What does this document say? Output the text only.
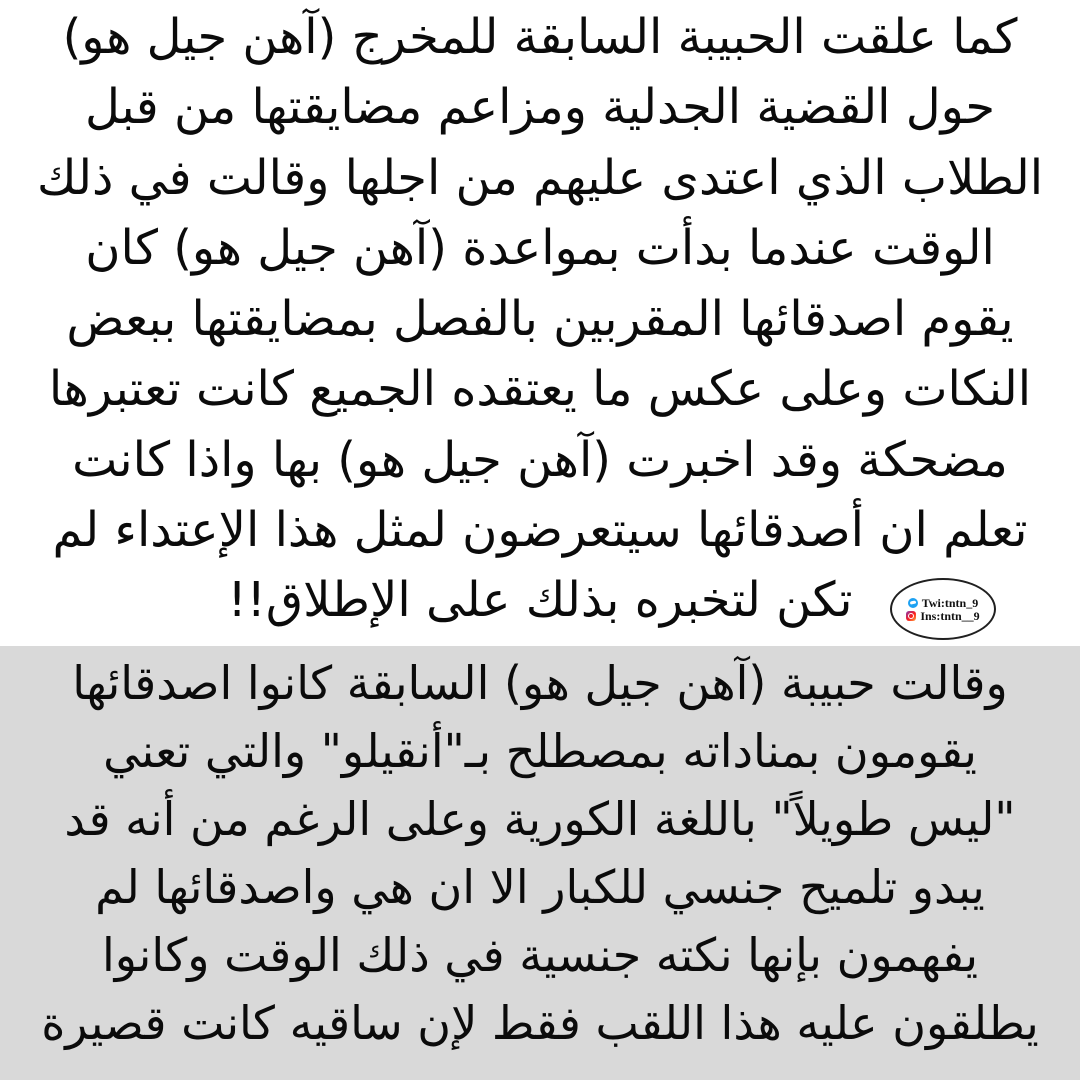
كما علقت الحبيبة السابقة للمخرج (آهن جيل هو)
حول القضية الجدلية ومزاعم مضايقتها من قبل
الطلاب الذي اعتدى عليهم من اجلها وقالت في ذلك
الوقت عندما بدأت بمواعدة (آهن جيل هو) كان
يقوم اصدقائها المقربين بالفصل بمضايقتها ببعض
النكات وعلى عكس ما يعتقده الجميع كانت تعتبرها
مضحكة وقد اخبرت (آهن جيل هو) بها واذا كانت
تعلم ان أصدقائها سيتعرضون لمثل هذا الإعتداء لم
تكن لتخبره بذلك على الإطلاق!!	Twi:tntn_9
Ins:tntn__9
وقالت حبيبة (آهن جيل هو) السابقة كانوا اصدقائها
يقومون بمناداته بمصطلح بـ"أنقيلو" والتي تعني
"ليس طويلاً" باللغة الكورية وعلى الرغم من أنه قد
يبدو تلميح جنسي للكبار الا ان هي واصدقائها لم
يفهمون بإنها نكته جنسية في ذلك الوقت وكانوا
يطلقون عليه هذا اللقب فقط لإن ساقيه كانت قصيرة
